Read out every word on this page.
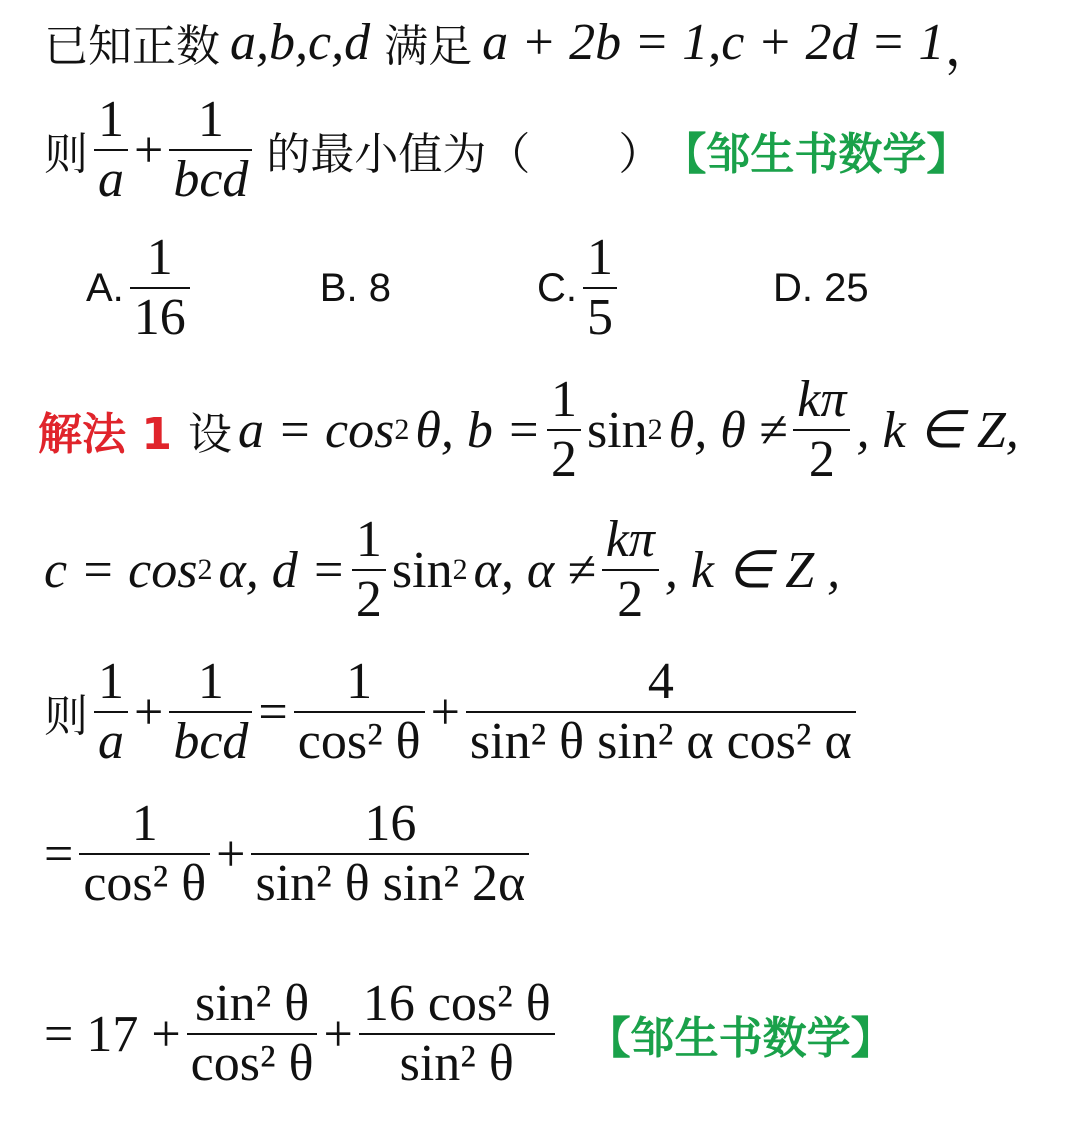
已知正数 a,b,c,d 满足 a + 2b = 1 , c + 2d = 1 ，
则 $\frac{1}{a} + \frac{1}{\text{bcd}}$ 的最小值为（　　） 【邹生书数学】
A. $\frac{1}{16}$	B. 8	C. $\frac{1}{5}$	D. 25
解法 1 设 a = cos 2 θ, $b = \frac{1}{2}$ sin 2 θ, $\theta \ne \frac{k\pi}{2}$ , k ∈ Z,
c = cos 2 α, $d = \frac{1}{2}$ sin 2 α, $\alpha \ne \frac{k\pi}{2}$ , k ∈ Z ,
则 $\frac{1}{a} + \frac{1}{\text{bcd}} = \frac{1}{\text{cos² θ}} + \frac{4}{\text{sin² θ sin² α cos² α}}$
= $\frac{1}{\text{cos² θ}} + \frac{16}{\text{sin² θ sin² 2α}}$
= $17 + \frac{\text{sin² θ}}{\text{cos² θ}} + \frac{\text{16 cos² θ}}{\text{sin² θ}}$ 【邹生书数学】
